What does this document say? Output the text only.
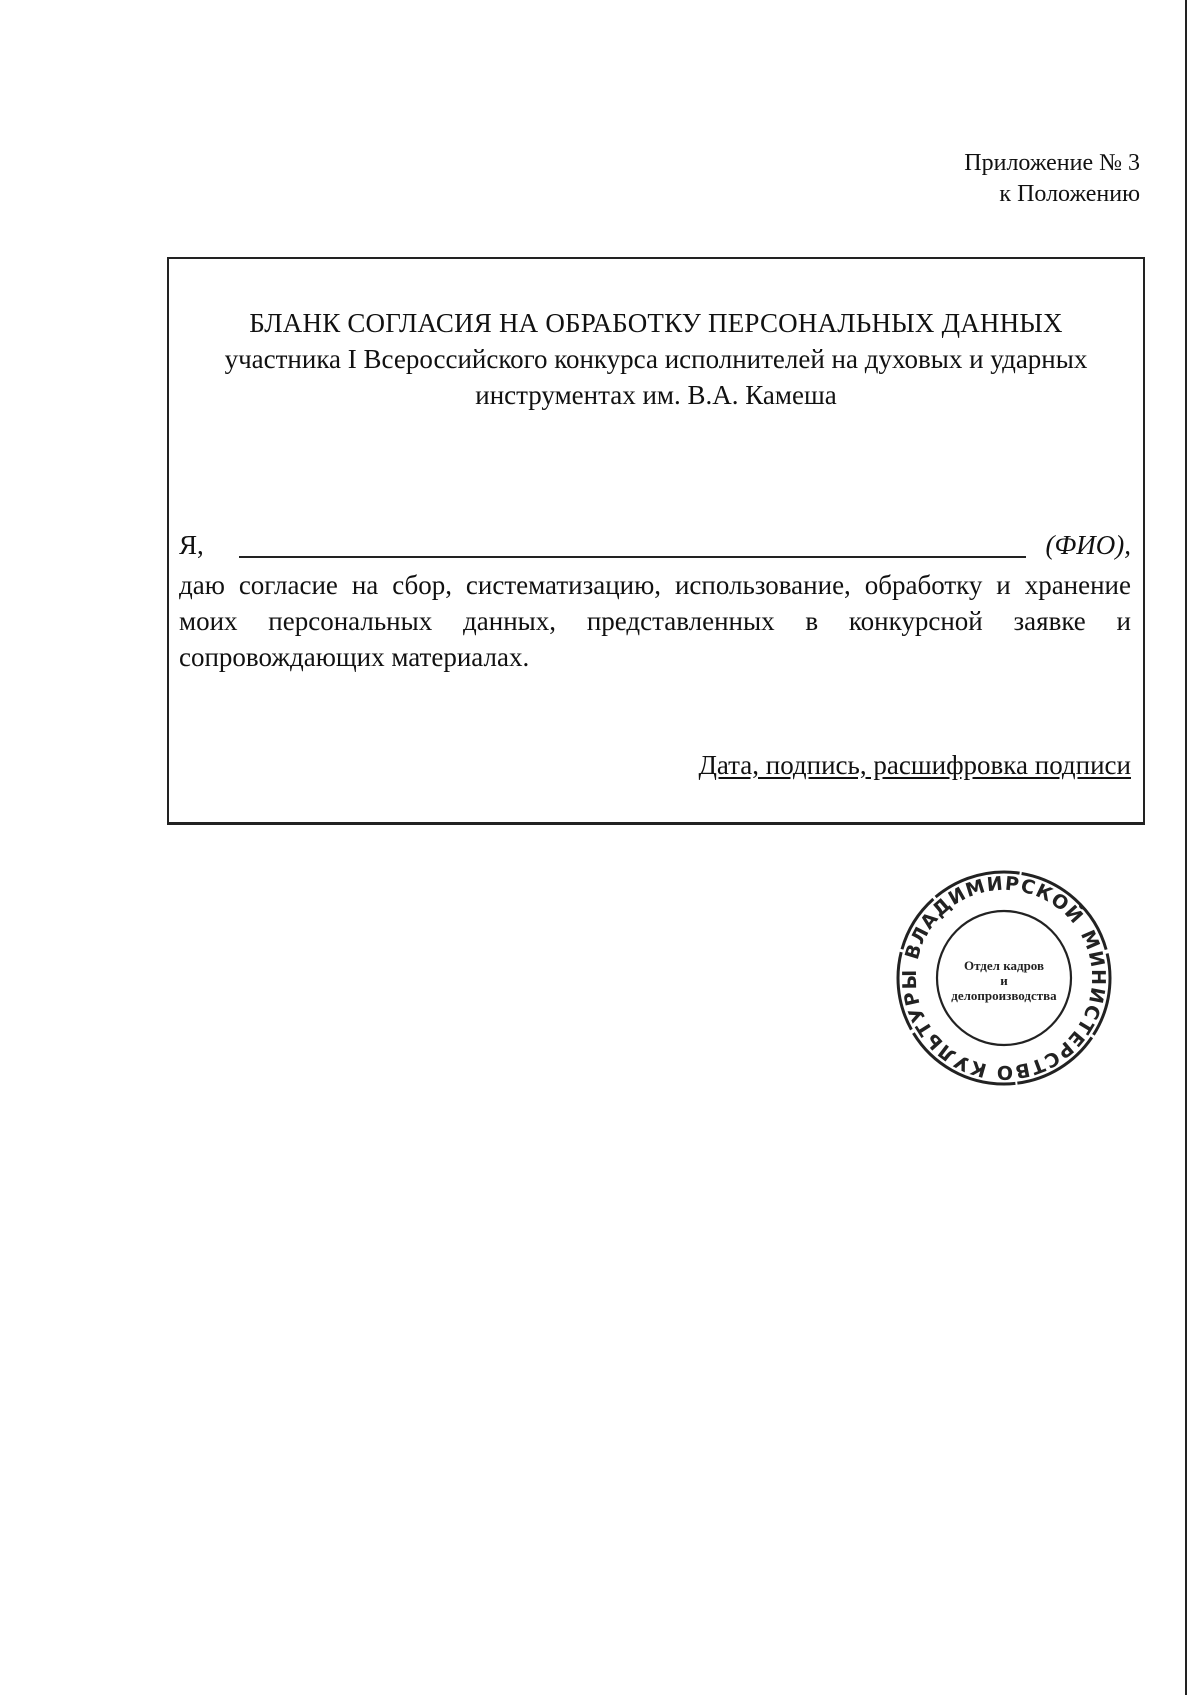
Приложение № 3
к Положению
БЛАНК СОГЛАСИЯ НА ОБРАБОТКУ ПЕРСОНАЛЬНЫХ ДАННЫХ
участника I Всероссийского конкурса исполнителей на духовых и ударных инструментах им. В.А. Камеша
Я,	(ФИО),
даю согласие на сбор, систематизацию, использование, обработку и хранение моих персональных данных, представленных в конкурсной заявке и сопровождающих материалах.
Дата, подпись, расшифровка подписи
МИНИСТЕРСТВО КУЛЬТУРЫ ВЛАДИМИРСКОЙ
Отдел кадров
и
делопроизводства
